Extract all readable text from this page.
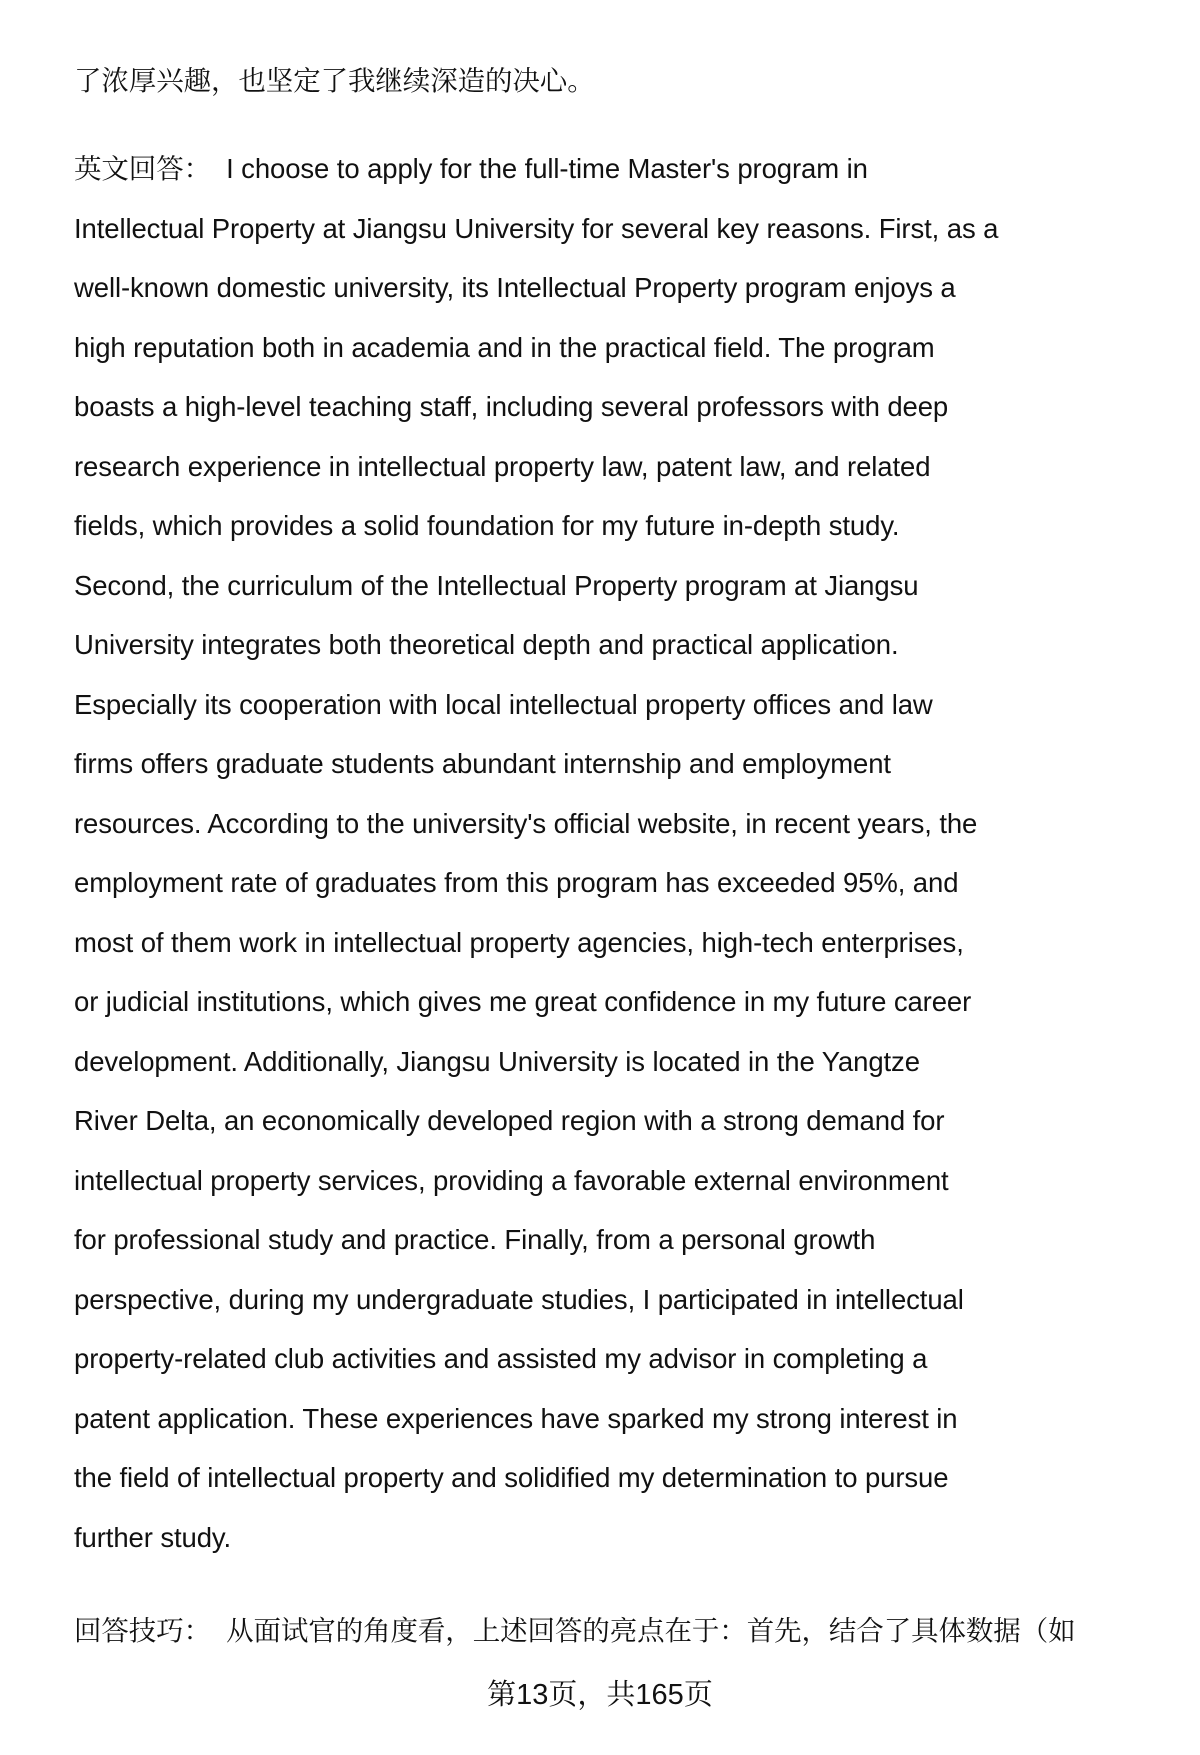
了浓厚兴趣，也坚定了我继续深造的决心。
英文回答： I choose to apply for the full-time Master's program in
Intellectual Property at Jiangsu University for several key reasons. First, as a
well-known domestic university, its Intellectual Property program enjoys a
high reputation both in academia and in the practical field. The program
boasts a high-level teaching staff, including several professors with deep
research experience in intellectual property law, patent law, and related
fields, which provides a solid foundation for my future in-depth study.
Second, the curriculum of the Intellectual Property program at Jiangsu
University integrates both theoretical depth and practical application.
Especially its cooperation with local intellectual property offices and law
firms offers graduate students abundant internship and employment
resources. According to the university's official website, in recent years, the
employment rate of graduates from this program has exceeded 95%, and
most of them work in intellectual property agencies, high-tech enterprises,
or judicial institutions, which gives me great confidence in my future career
development. Additionally, Jiangsu University is located in the Yangtze
River Delta, an economically developed region with a strong demand for
intellectual property services, providing a favorable external environment
for professional study and practice. Finally, from a personal growth
perspective, during my undergraduate studies, I participated in intellectual
property-related club activities and assisted my advisor in completing a
patent application. These experiences have sparked my strong interest in
the field of intellectual property and solidified my determination to pursue
further study.
回答技巧： 从面试官的角度看，上述回答的亮点在于：首先，结合了具体数据（如
第13页，共165页
